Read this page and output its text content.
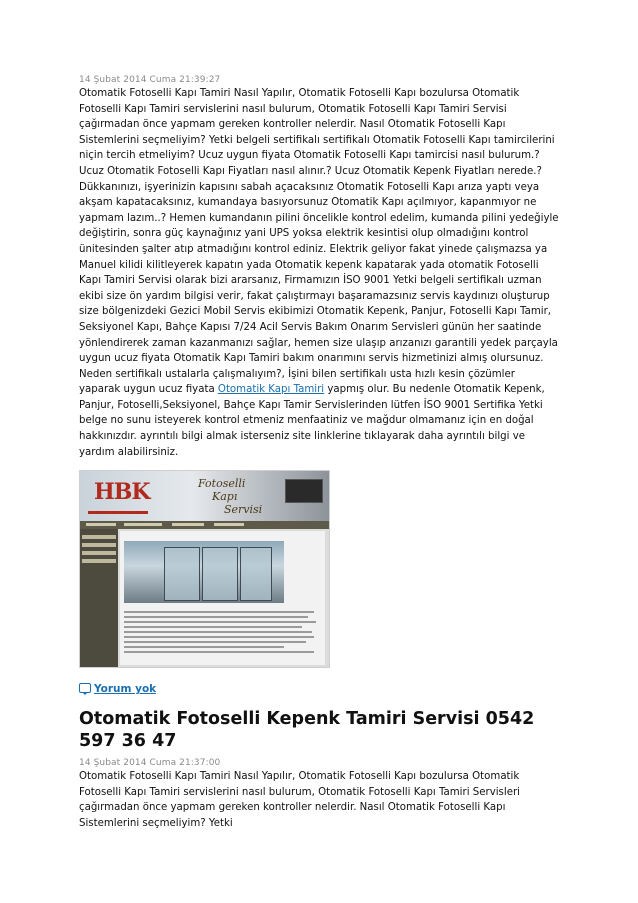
14 Şubat 2014 Cuma 21:39:27

Otomatik Fotoselli Kapı Tamiri Nasıl Yapılır, Otomatik Fotoselli Kapı bozulursa Otomatik Fotoselli Kapı Tamiri servislerini nasıl bulurum, Otomatik Fotoselli Kapı Tamiri Servisi çağırmadan önce yapmam gereken kontroller nelerdir. Nasıl Otomatik Fotoselli Kapı Sistemlerini seçmeliyim? Yetki belgeli sertifikalı sertifikalı Otomatik Fotoselli Kapı tamircilerini niçin tercih etmeliyim? Ucuz uygun fiyata Otomatik Fotoselli Kapı tamircisi nasıl bulurum.? Ucuz Otomatik Fotoselli Kapı Fiyatları nasıl alınır.? Ucuz Otomatik Kepenk Fiyatları nerede.? Dükkanınızı, işyerinizin kapısını sabah açacaksınız Otomatik Fotoselli Kapı arıza yaptı veya akşam kapatacaksınız, kumandaya basıyorsunuz Otomatik Kapı açılmıyor, kapanmıyor ne yapmam lazım..? Hemen kumandanın pilini öncelikle kontrol edelim, kumanda pilini yedeğiyle değiştirin, sonra güç kaynağınız yani UPS yoksa elektrik kesintisi olup olmadığını kontrol ünitesinden şalter atıp atmadığını kontrol ediniz. Elektrik geliyor fakat yinede çalışmazsa ya Manuel kilidi kilitleyerek kapatın yada Otomatik kepenk kapatarak yada otomatik Fotoselli Kapı Tamiri Servisi olarak bizi ararsanız, Firmamızın İSO 9001 Yetki belgeli sertifikalı uzman ekibi size ön yardım bilgisi verir, fakat çalıştırmayı başaramazsınız servis kaydınızı oluşturup size bölgenizdeki Gezici Mobil Servis ekibimizi Otomatik Kepenk, Panjur, Fotoselli Kapı Tamir, Seksiyonel Kapı, Bahçe Kapısı 7/24 Acil Servis Bakım Onarım Servisleri günün her saatinde yönlendirerek zaman kazanmanızı sağlar, hemen size ulaşıp arızanızı garantili yedek parçayla uygun ucuz fiyata Otomatik Kapı Tamiri bakım onarımını servis hizmetinizi almış olursunuz. Neden sertifikalı ustalarla çalışmalıyım?, İşini bilen sertifikalı usta hızlı kesin çözümler yaparak uygun ucuz fiyata Otomatik Kapı Tamiri yapmış olur. Bu nedenle Otomatik Kepenk, Panjur, Fotoselli,Seksiyonel, Bahçe Kapı Tamir Servislerinden lütfen İSO 9001 Sertifika Yetki belge no sunu isteyerek kontrol etmeniz menfaatiniz ve mağdur olmamanız için en doğal hakkınızdır. ayrıntılı bilgi almak isterseniz site linklerine tıklayarak daha ayrıntılı bilgi ve yardım alabilirsiniz.

HBK	Fotoselli
Kapı
Servisi
Yorum yok
Otomatik Fotoselli Kepenk Tamiri Servisi 0542 597 36 47
14 Şubat 2014 Cuma 21:37:00

Otomatik Fotoselli Kapı Tamiri Nasıl Yapılır, Otomatik Fotoselli Kapı bozulursa Otomatik Fotoselli Kapı Tamiri servislerini nasıl bulurum, Otomatik Fotoselli Kapı Tamiri Servisleri çağırmadan önce yapmam gereken kontroller nelerdir. Nasıl Otomatik Fotoselli Kapı Sistemlerini seçmeliyim? Yetki
